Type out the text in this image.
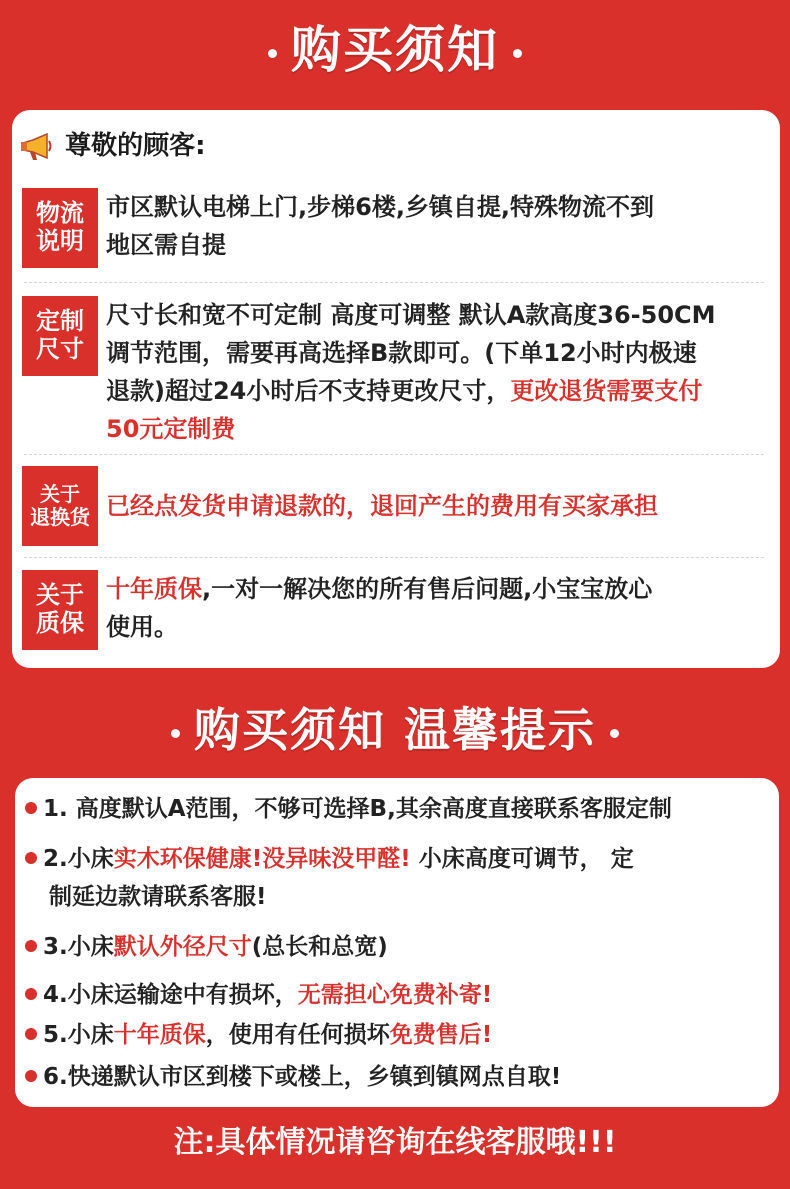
购买须知
尊敬的顾客:
物流
说明
市区默认电梯上门,步梯6楼,乡镇自提,特殊物流不到
地区需自提
定制
尺寸
尺寸长和宽不可定制 高度可调整 默认A款高度36-50CM
调节范围，需要再高选择B款即可。(下单12小时内极速
退款)超过24小时后不支持更改尺寸，更改退货需要支付
50元定制费
关于
退换货 已经点发货申请退款的，退回产生的费用有买家承担
关于
质保
十年质保,一对一解决您的所有售后问题,小宝宝放心
使用。
购买须知 温馨提示
1. 高度默认A范围，不够可选择B,其余高度直接联系客服定制
2.小床实木环保健康!没异味没甲醛! 小床高度可调节， 定
制延边款请联系客服!
3.小床默认外径尺寸(总长和总宽)
4.小床运输途中有损坏，无需担心免费补寄!
5.小床十年质保，使用有任何损坏免费售后!
6.快递默认市区到楼下或楼上，乡镇到镇网点自取!
注:具体情况请咨询在线客服哦!!!
